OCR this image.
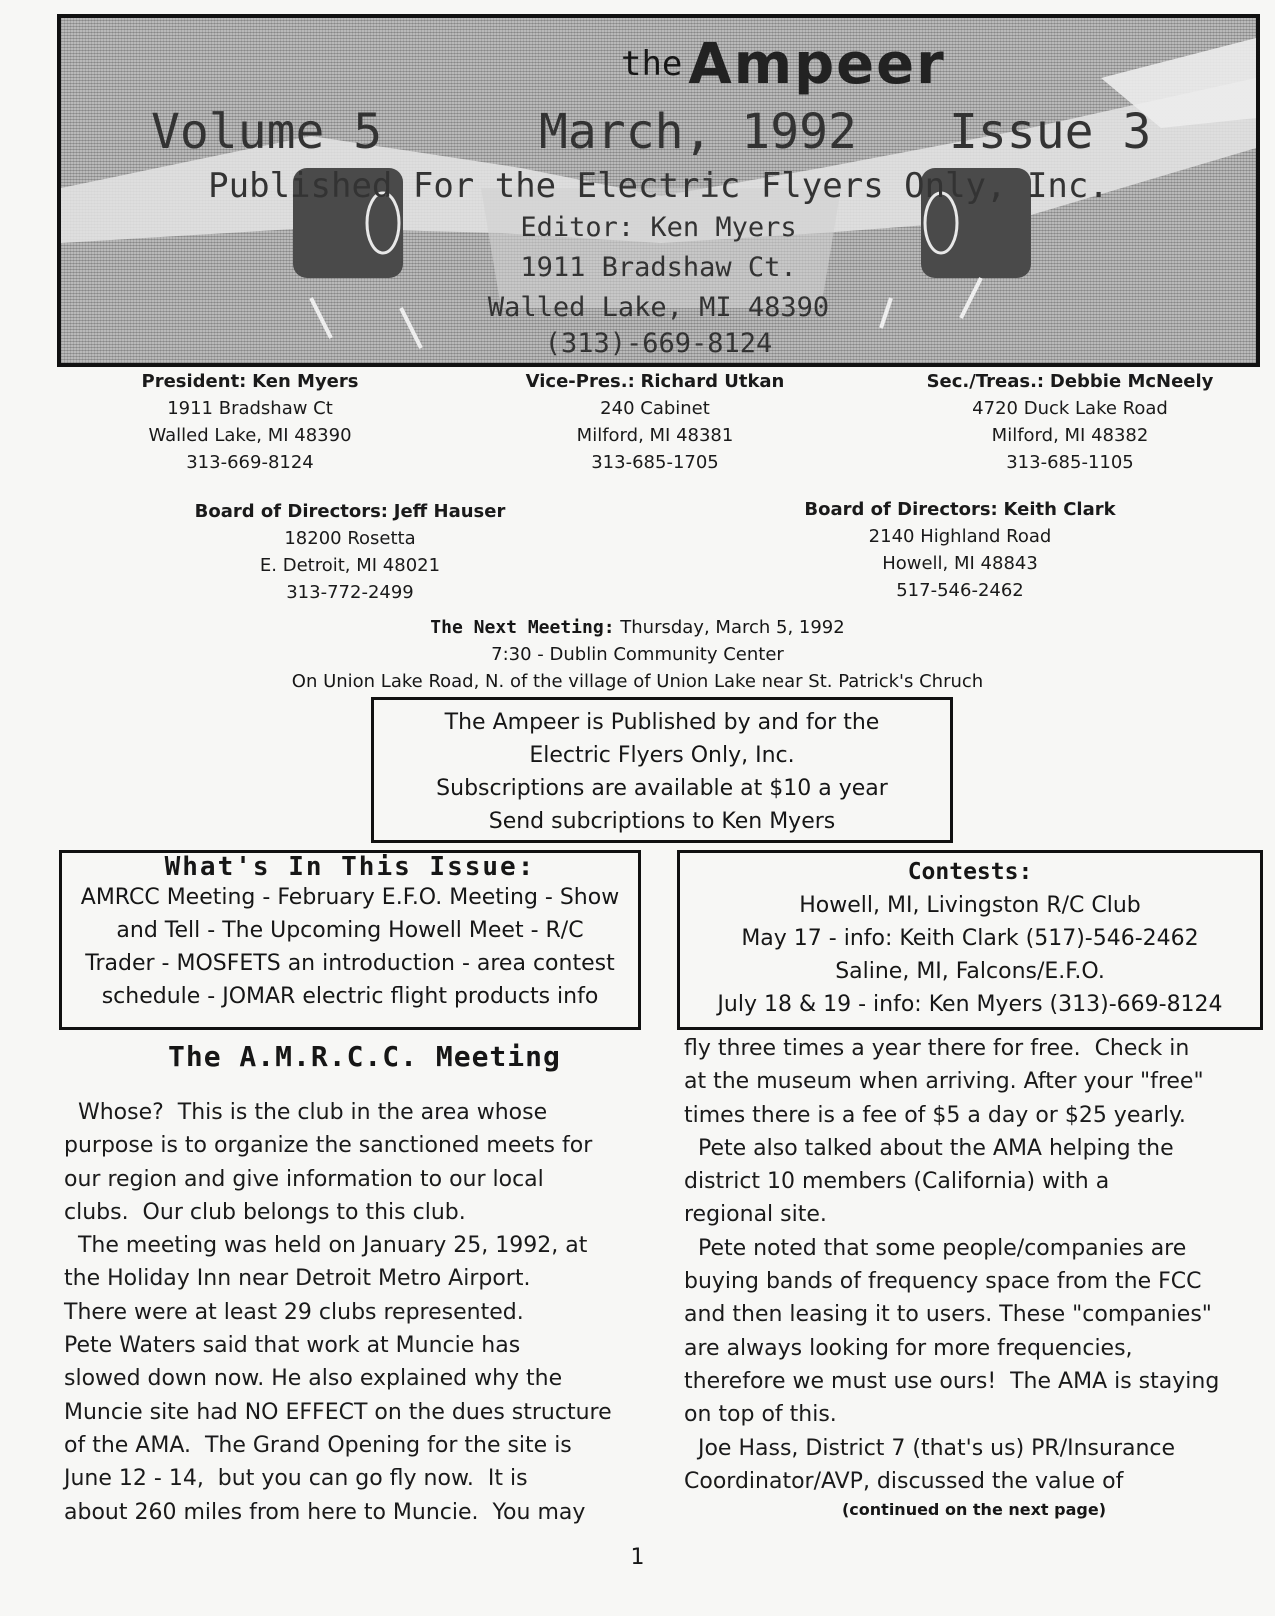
the Ampeer
Volume 5	March, 1992 Issue 3
Published For the Electric Flyers Only, Inc.
Editor: Ken Myers
1911 Bradshaw Ct.
Walled Lake, MI 48390
(313)-669-8124
President: Ken Myers
1911 Bradshaw Ct
Walled Lake, MI 48390
313-669-8124
Vice-Pres.: Richard Utkan
240 Cabinet
Milford, MI 48381
313-685-1705
Sec./Treas.: Debbie McNeely
4720 Duck Lake Road
Milford, MI 48382
313-685-1105
Board of Directors: Jeff Hauser
18200 Rosetta
E. Detroit, MI 48021
313-772-2499
Board of Directors: Keith Clark
2140 Highland Road
Howell, MI 48843
517-546-2462
The Next Meeting: Thursday, March 5, 1992
7:30 - Dublin Community Center
On Union Lake Road, N. of the village of Union Lake near St. Patrick's Chruch
The Ampeer is Published by and for the
Electric Flyers Only, Inc.
Subscriptions are available at $10 a year
Send subcriptions to Ken Myers
What's In This Issue:
AMRCC Meeting - February E.F.O. Meeting - Show
and Tell - The Upcoming Howell Meet - R/C
Trader - MOSFETS an introduction - area contest
schedule - JOMAR electric flight products info
Contests:
Howell, MI, Livingston R/C Club
May 17 - info: Keith Clark (517)-546-2462
Saline, MI, Falcons/E.F.O.
July 18 & 19 - info: Ken Myers (313)-669-8124
The A.M.R.C.C. Meeting

Whose?  This is the club in the area whose

purpose is to organize the sanctioned meets for

our region and give information to our local

clubs.  Our club belongs to this club.

The meeting was held on January 25, 1992, at

the Holiday Inn near Detroit Metro Airport.

There were at least 29 clubs represented.

Pete Waters said that work at Muncie has

slowed down now. He also explained why the

Muncie site had NO EFFECT on the dues structure

of the AMA.  The Grand Opening for the site is

June 12 - 14,  but you can go fly now.  It is

about 260 miles from here to Muncie.  You may

fly three times a year there for free.  Check in

at the museum when arriving. After your "free"

times there is a fee of $5 a day or $25 yearly.

Pete also talked about the AMA helping the

district 10 members (California) with a

regional site.

Pete noted that some people/companies are

buying bands of frequency space from the FCC

and then leasing it to users. These "companies"

are always looking for more frequencies,

therefore we must use ours!  The AMA is staying

on top of this.

Joe Hass, District 7 (that's us) PR/Insurance

Coordinator/AVP, discussed the value of

(continued on the next page)
1
